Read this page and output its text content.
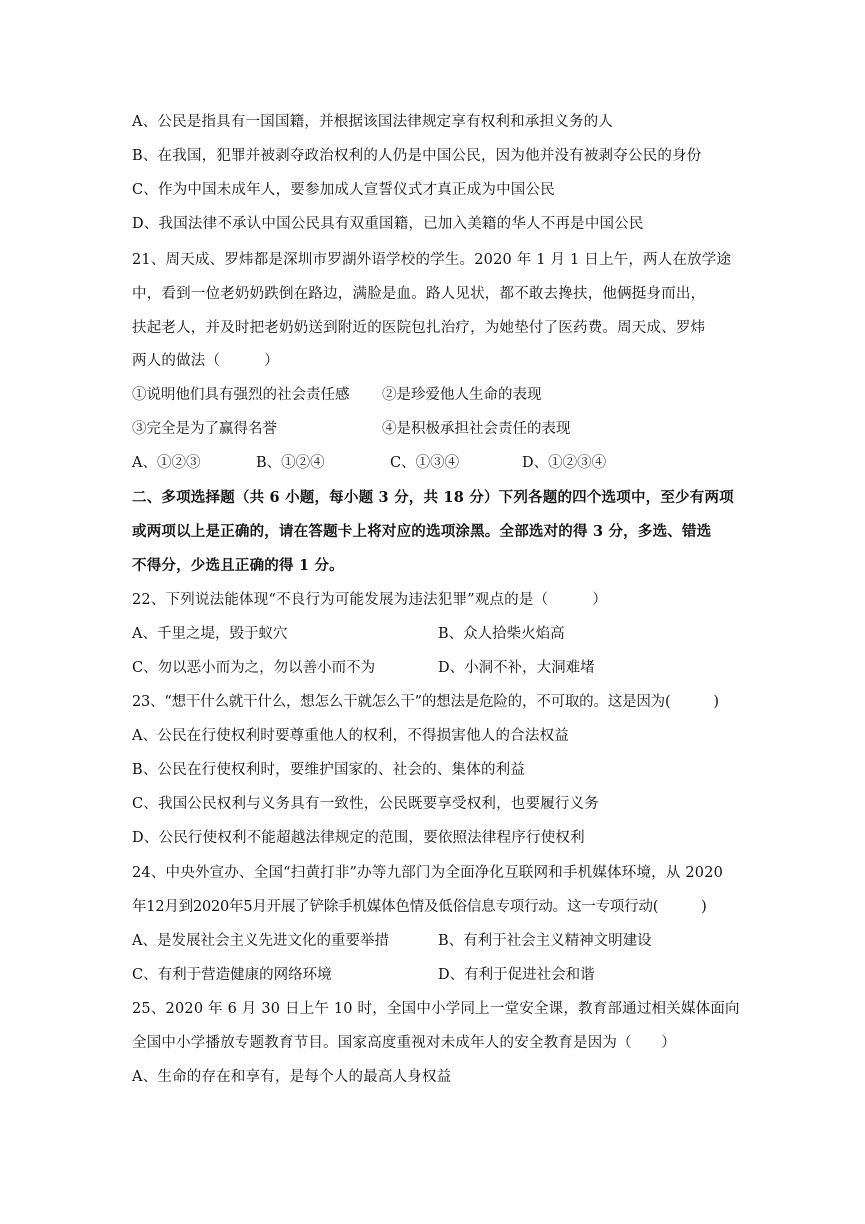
A、公民是指具有一国国籍，并根据该国法律规定享有权利和承担义务的人
B、在我国，犯罪并被剥夺政治权利的人仍是中国公民，因为他并没有被剥夺公民的身份
C、作为中国未成年人，要参加成人宣誓仪式才真正成为中国公民
D、我国法律不承认中国公民具有双重国籍，已加入美籍的华人不再是中国公民
21、周天成、罗炜都是深圳市罗湖外语学校的学生。2020 年 1 月 1 日上午，两人在放学途
中，看到一位老奶奶跌倒在路边，满脸是血。路人见状，都不敢去搀扶，他俩挺身而出，
扶起老人，并及时把老奶奶送到附近的医院包扎治疗，为她垫付了医药费。周天成、罗炜
两人的做法（　　　）
①说明他们具有强烈的社会责任感 ②是珍爱他人生命的表现
③完全是为了赢得名誉	④是积极承担社会责任的表现
A、①②③	B、①②④	C、①③④	D、①②③④
二、多项选择题（共 6 小题，每小题 3 分，共 18 分）下列各题的四个选项中，至少有两项
或两项以上是正确的，请在答题卡上将对应的选项涂黑。全部选对的得 3 分，多选、错选
不得分，少选且正确的得 1 分。
22、下列说法能体现“不良行为可能发展为违法犯罪”观点的是（　　　）
A、千里之堤，毁于蚁穴	B、众人拾柴火焰高
C、勿以恶小而为之，勿以善小而不为	D、小洞不补，大洞难堵
23、“想干什么就干什么，想怎么干就怎么干”的想法是危险的，不可取的。这是因为(　　　)
A、公民在行使权利时要尊重他人的权利，不得损害他人的合法权益
B、公民在行使权利时，要维护国家的、社会的、集体的利益
C、我国公民权利与义务具有一致性，公民既要享受权利，也要履行义务
D、公民行使权利不能超越法律规定的范围，要依照法律程序行使权利
24、中央外宣办、全国“扫黄打非”办等九部门为全面净化互联网和手机媒体环境，从 2020
年12月到2020年5月开展了铲除手机媒体色情及低俗信息专项行动。这一专项行动(　　　)
A、是发展社会主义先进文化的重要举措	B、有利于社会主义精神文明建设
C、有利于营造健康的网络环境	D、有利于促进社会和谐
25、2020 年 6 月 30 日上午 10 时，全国中小学同上一堂安全课，教育部通过相关媒体面向
全国中小学播放专题教育节目。国家高度重视对未成年人的安全教育是因为（　　）
A、生命的存在和享有，是每个人的最高人身权益
